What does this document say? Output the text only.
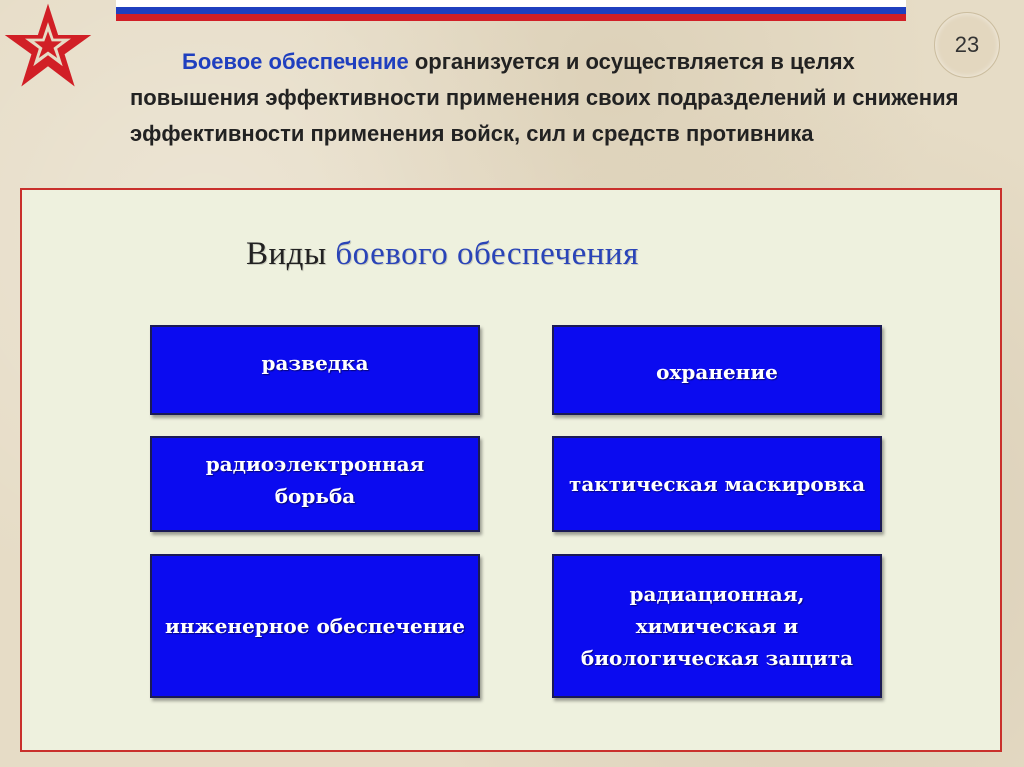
23
Боевое обеспечение организуется и осуществляется в целях повышения эффективности применения своих подразделений и снижения эффективности применения войск, сил и средств противника
Виды боевого обеспечения
разведка	охранение
радиоэлектронная борьба	тактическая маскировка
инженерное обеспечение
радиационная, химическая и биологическая защита
